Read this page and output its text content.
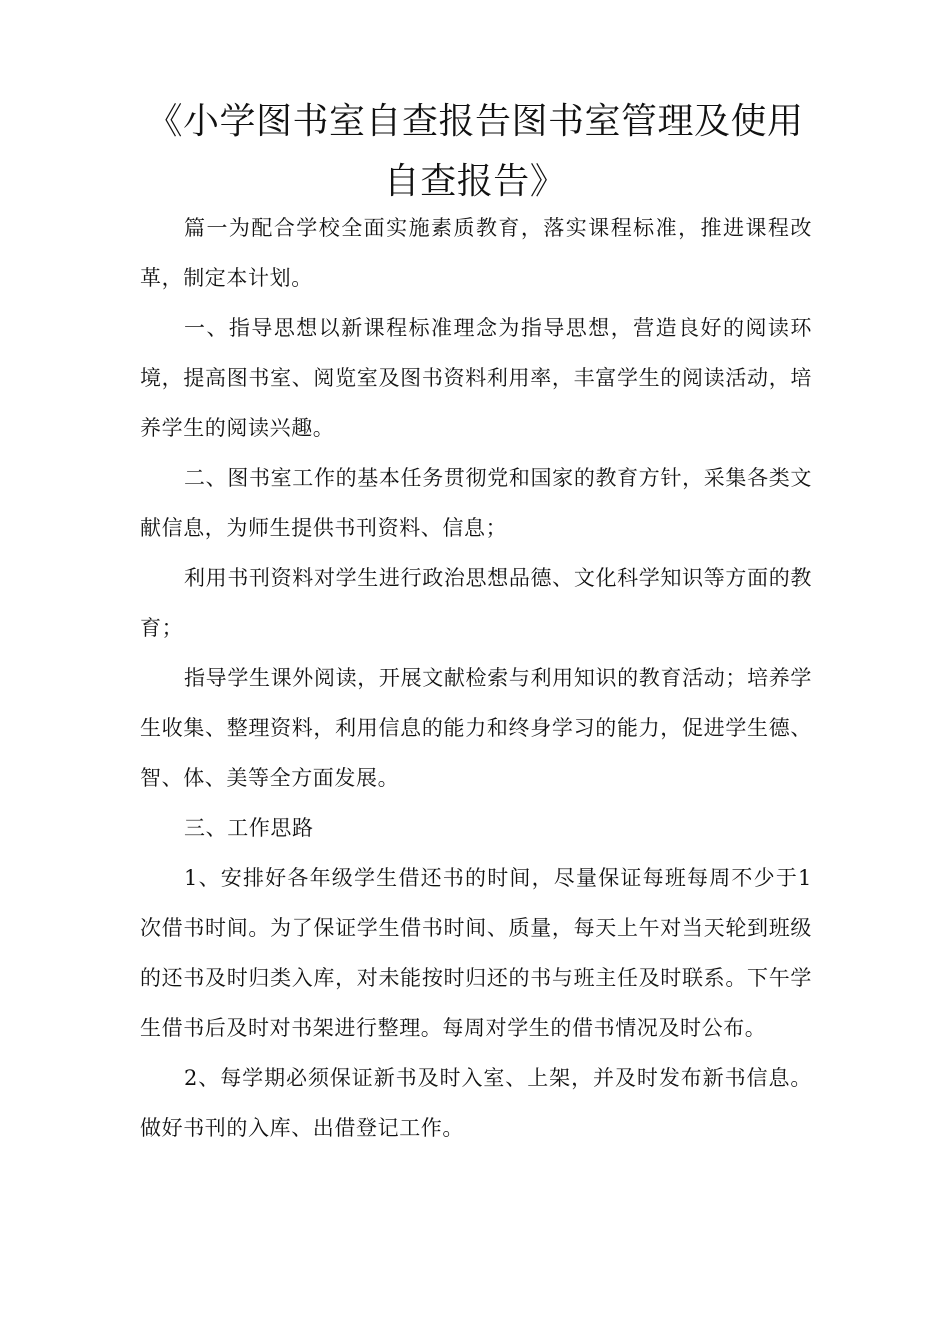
《小学图书室自查报告图书室管理及使用自查报告》

篇一为配合学校全面实施素质教育，落实课程标准，推进课程改革，制定本计划。

一、指导思想以新课程标准理念为指导思想，营造良好的阅读环境，提高图书室、阅览室及图书资料利用率，丰富学生的阅读活动，培养学生的阅读兴趣。

二、图书室工作的基本任务贯彻党和国家的教育方针，采集各类文献信息，为师生提供书刊资料、信息；

利用书刊资料对学生进行政治思想品德、文化科学知识等方面的教育；

指导学生课外阅读，开展文献检索与利用知识的教育活动；培养学生收集、整理资料，利用信息的能力和终身学习的能力，促进学生德、智、体、美等全方面发展。

三、工作思路

1、安排好各年级学生借还书的时间，尽量保证每班每周不少于1次借书时间。为了保证学生借书时间、质量，每天上午对当天轮到班级的还书及时归类入库，对未能按时归还的书与班主任及时联系。下午学生借书后及时对书架进行整理。每周对学生的借书情况及时公布。

2、每学期必须保证新书及时入室、上架，并及时发布新书信息。做好书刊的入库、出借登记工作。
